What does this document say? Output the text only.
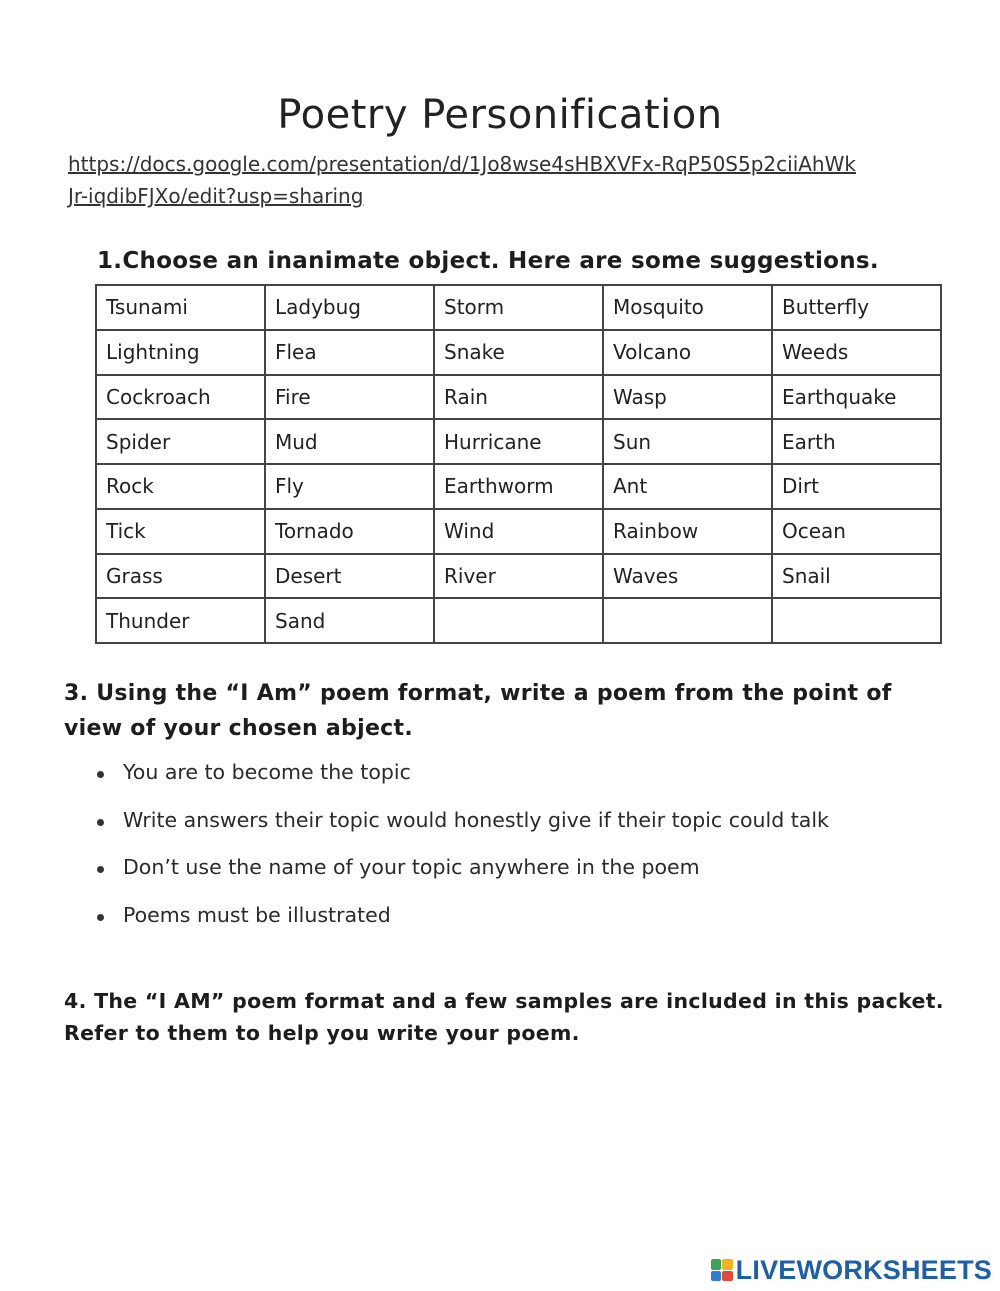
Poetry Personification
https://docs.google.com/presentation/d/1Jo8wse4sHBXVFx-RqP50S5p2ciiAhWk
Jr-iqdibFJXo/edit?usp=sharing
1.Choose an inanimate object. Here are some suggestions.
Tsunami	Ladybug	Storm	Mosquito	Butterfly
Lightning	Flea	Snake	Volcano	Weeds
Cockroach	Fire	Rain	Wasp	Earthquake
Spider	Mud	Hurricane	Sun	Earth
Rock	Fly	Earthworm	Ant	Dirt
Tick	Tornado	Wind	Rainbow	Ocean
Grass	Desert	River	Waves	Snail
Thunder	Sand			
3. Using the “I Am” poem format, write a poem from the point of view of your chosen abject.
You are to become the topic
Write answers their topic would honestly give if their topic could talk
Don’t use the name of your topic anywhere in the poem
Poems must be illustrated
4. The “I AM” poem format and a few samples are included in this packet. Refer to them to help you write your poem.
LIVEWORKSHEETS
